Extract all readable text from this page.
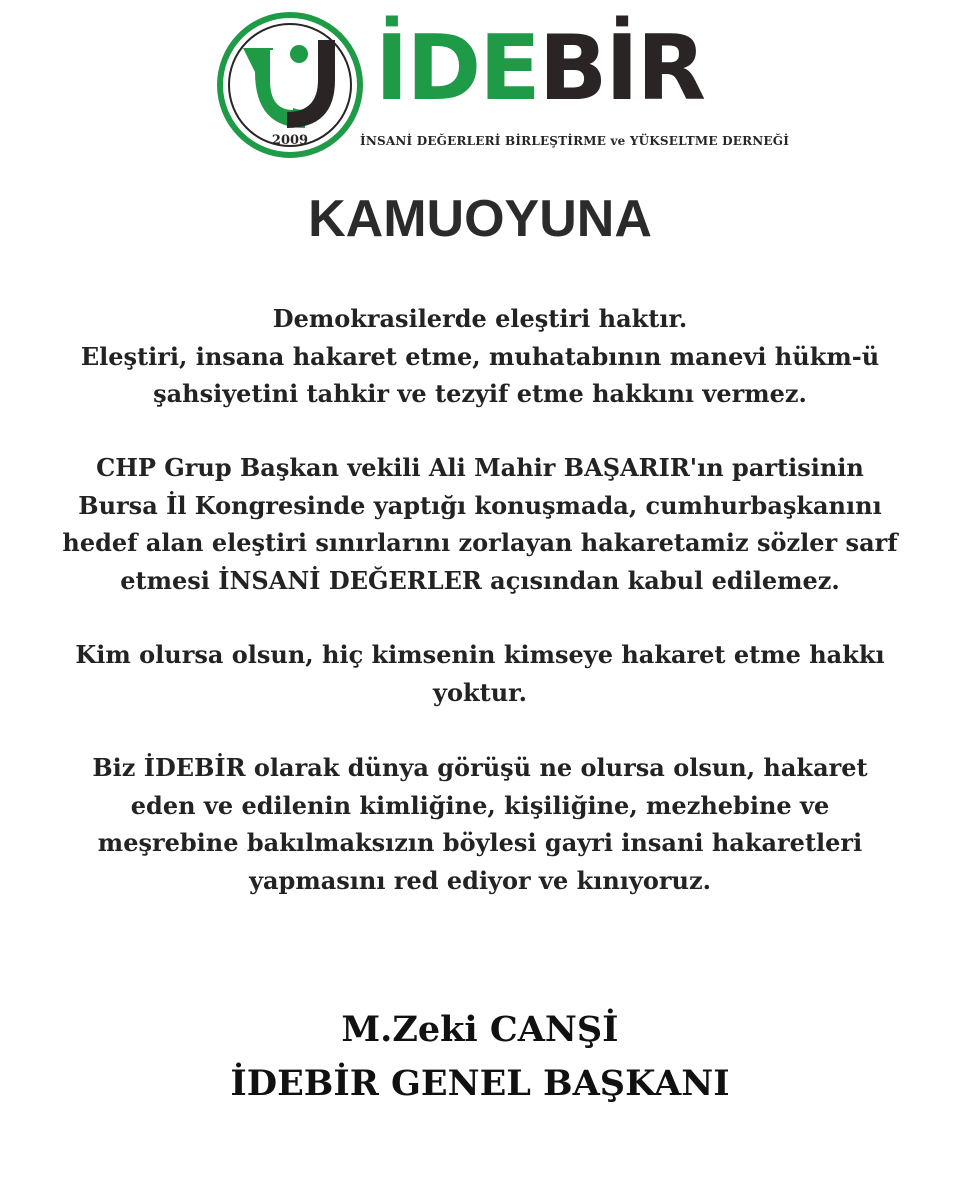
2009
İDEBİR
İNSANİ DEĞERLERİ BİRLEŞTİRME ve YÜKSELTME DERNEĞİ
KAMUOYUNA
Demokrasilerde eleştiri haktır.
Eleştiri, insana hakaret etme, muhatabının manevi hükm-ü
şahsiyetini tahkir ve tezyif etme hakkını vermez.
CHP Grup Başkan vekili Ali Mahir BAŞARIR'ın partisinin
Bursa İl Kongresinde yaptığı konuşmada, cumhurbaşkanını
hedef alan eleştiri sınırlarını zorlayan hakaretamiz sözler sarf
etmesi İNSANİ DEĞERLER açısından kabul edilemez.
Kim olursa olsun, hiç kimsenin kimseye hakaret etme hakkı
yoktur.
Biz İDEBİR olarak dünya görüşü ne olursa olsun, hakaret
eden ve edilenin kimliğine, kişiliğine, mezhebine ve
meşrebine bakılmaksızın böylesi gayri insani hakaretleri
yapmasını red ediyor ve kınıyoruz.
M.Zeki CANŞİ
İDEBİR GENEL BAŞKANI
